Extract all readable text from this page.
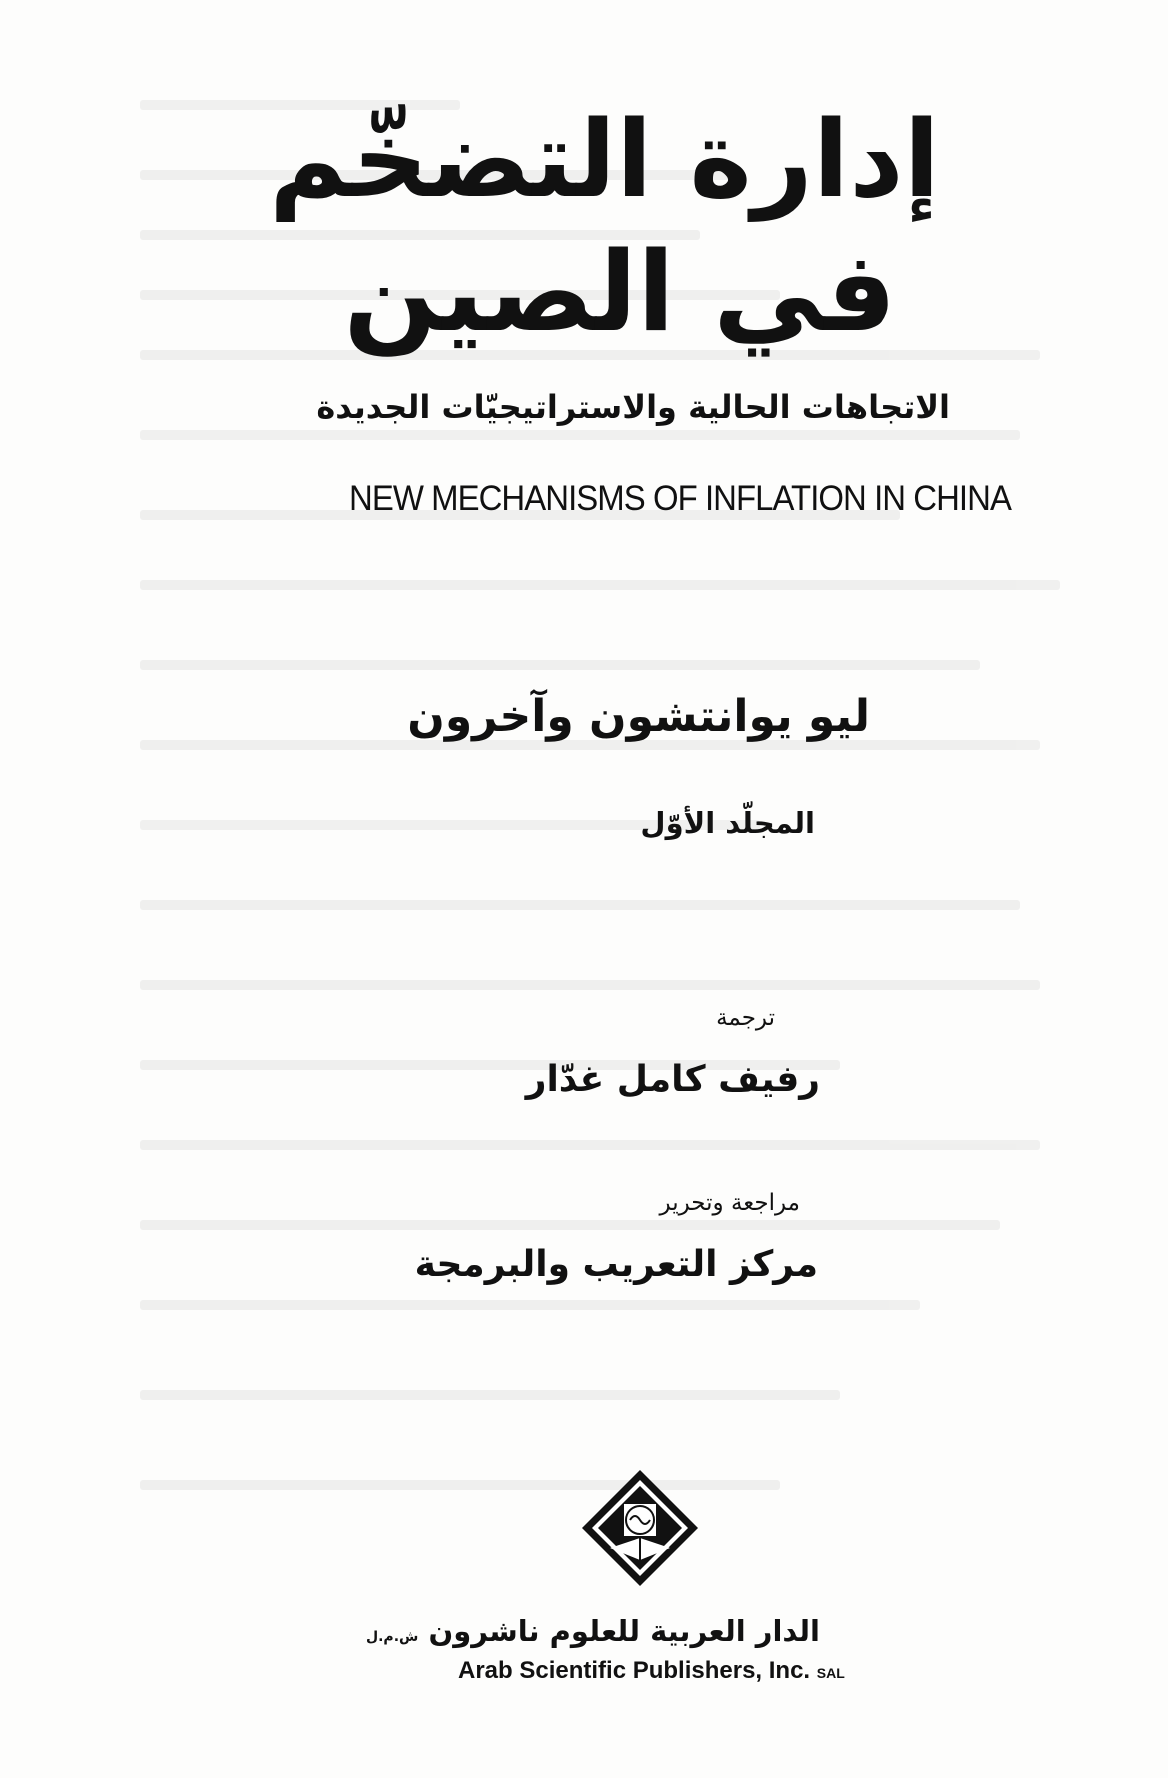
إدارة التضخّم
في الصين
الاتجاهات الحالية والاستراتيجيّات الجديدة
NEW MECHANISMS OF INFLATION IN CHINA
ليو يوانتشون وآخرون
المجلّد الأوّل
ترجمة
رفيف كامل غدّار
مراجعة وتحرير
مركز التعريب والبرمجة
الدار العربية للعلوم ناشرون ش.م.ل
Arab Scientific Publishers, Inc. SAL
